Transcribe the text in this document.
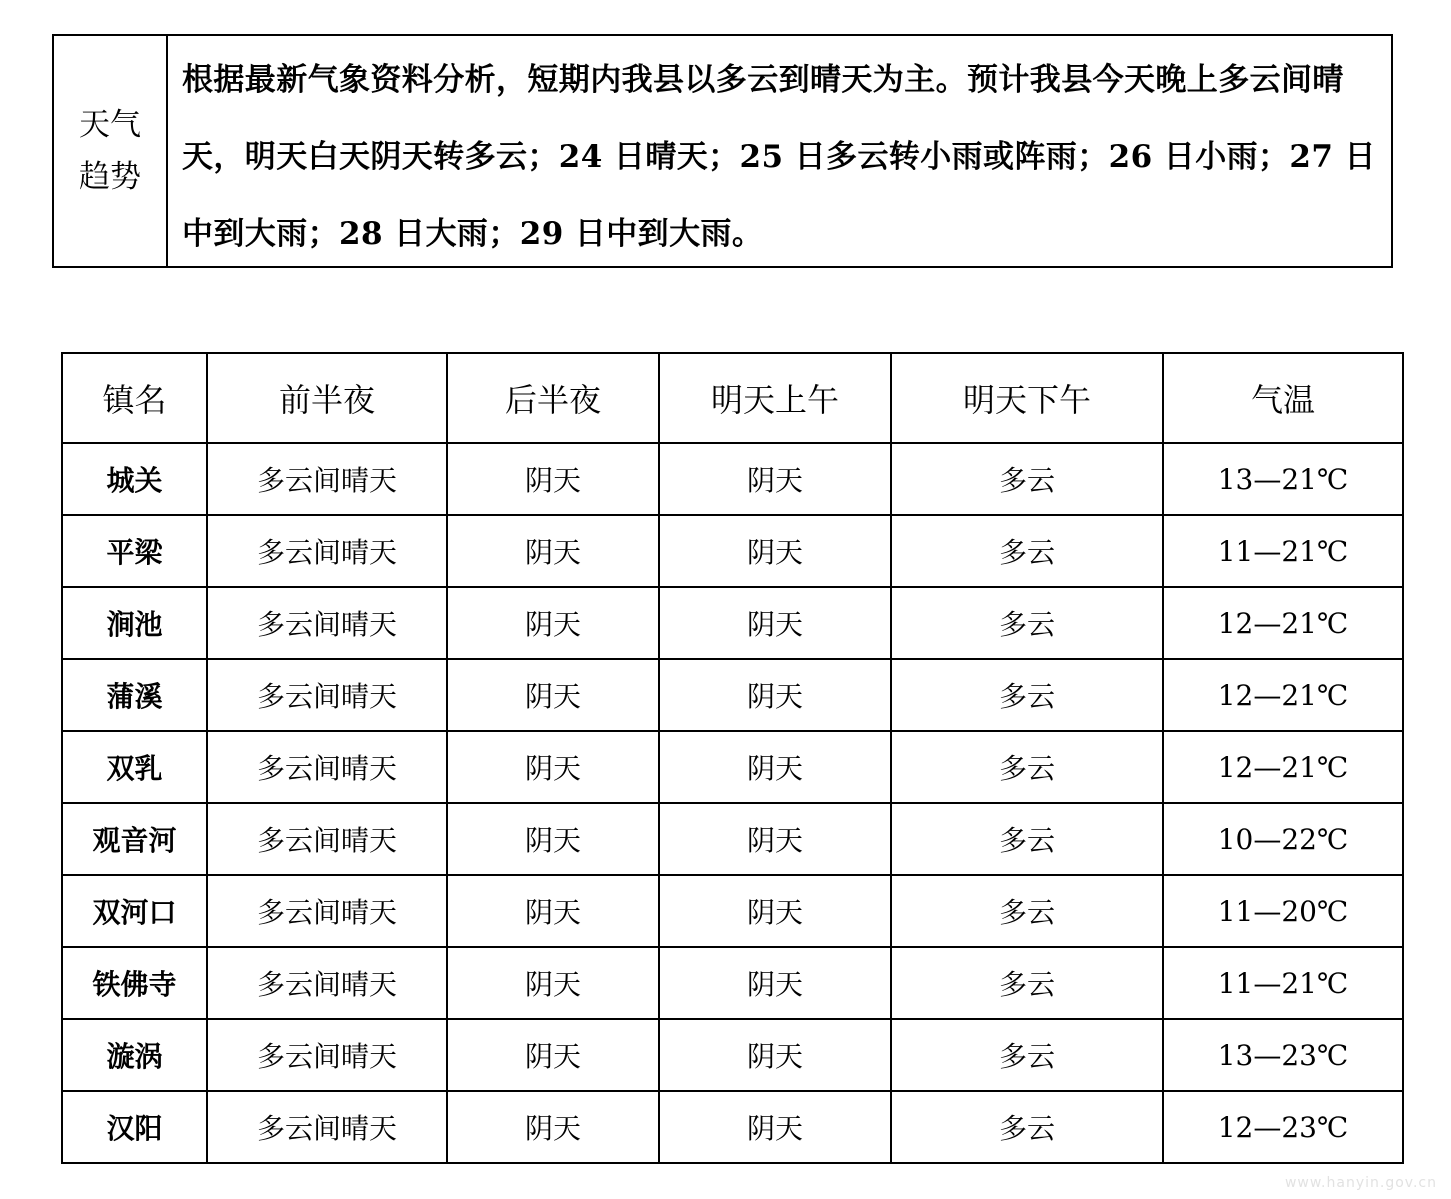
天气
趋势
根据最新气象资料分析，短期内我县以多云到晴天为主。预计我县今天晚上多云间晴天，明天白天阴天转多云；24 日晴天；25 日多云转小雨或阵雨；26 日小雨；27 日中到大雨；28 日大雨；29 日中到大雨。
镇名	前半夜	后半夜	明天上午	明天下午	气温
城关	多云间晴天	阴天	阴天	多云	13—21℃
平梁	多云间晴天	阴天	阴天	多云	11—21℃
涧池	多云间晴天	阴天	阴天	多云	12—21℃
蒲溪	多云间晴天	阴天	阴天	多云	12—21℃
双乳	多云间晴天	阴天	阴天	多云	12—21℃
观音河	多云间晴天	阴天	阴天	多云	10—22℃
双河口	多云间晴天	阴天	阴天	多云	11—20℃
铁佛寺	多云间晴天	阴天	阴天	多云	11—21℃
漩涡	多云间晴天	阴天	阴天	多云	13—23℃
汉阳	多云间晴天	阴天	阴天	多云	12—23℃
www.hanyin.gov.cn
